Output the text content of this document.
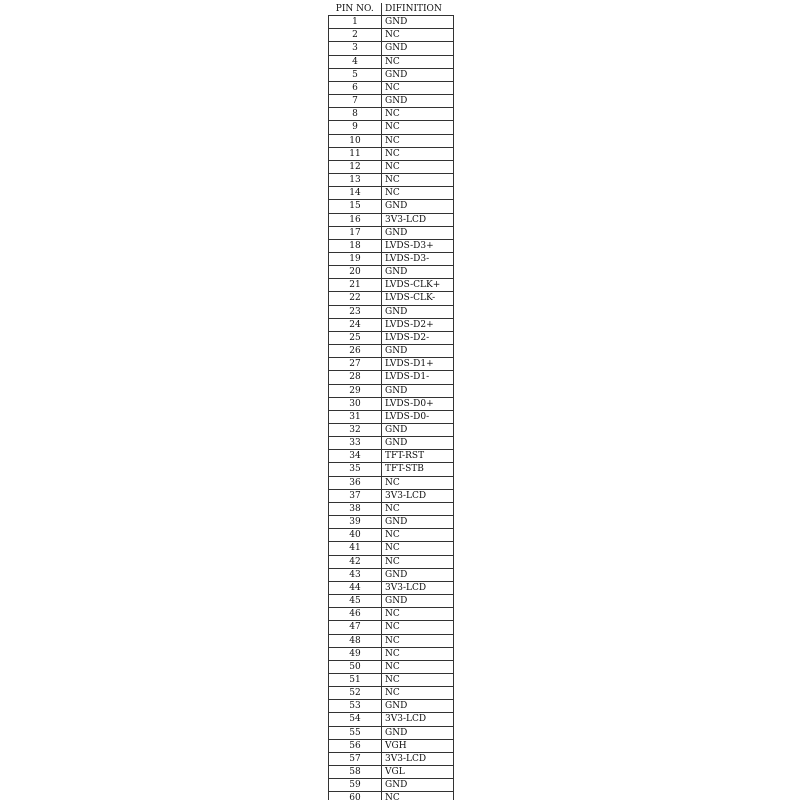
PIN NO.	DIFINITION
1	GND
2	NC
3	GND
4	NC
5	GND
6	NC
7	GND
8	NC
9	NC
10	NC
11	NC
12	NC
13	NC
14	NC
15	GND
16	3V3-LCD
17	GND
18	LVDS-D3+
19	LVDS-D3-
20	GND
21	LVDS-CLK+
22	LVDS-CLK-
23	GND
24	LVDS-D2+
25	LVDS-D2-
26	GND
27	LVDS-D1+
28	LVDS-D1-
29	GND
30	LVDS-D0+
31	LVDS-D0-
32	GND
33	GND
34	TFT-RST
35	TFT-STB
36	NC
37	3V3-LCD
38	NC
39	GND
40	NC
41	NC
42	NC
43	GND
44	3V3-LCD
45	GND
46	NC
47	NC
48	NC
49	NC
50	NC
51	NC
52	NC
53	GND
54	3V3-LCD
55	GND
56	VGH
57	3V3-LCD
58	VGL
59	GND
60	NC
